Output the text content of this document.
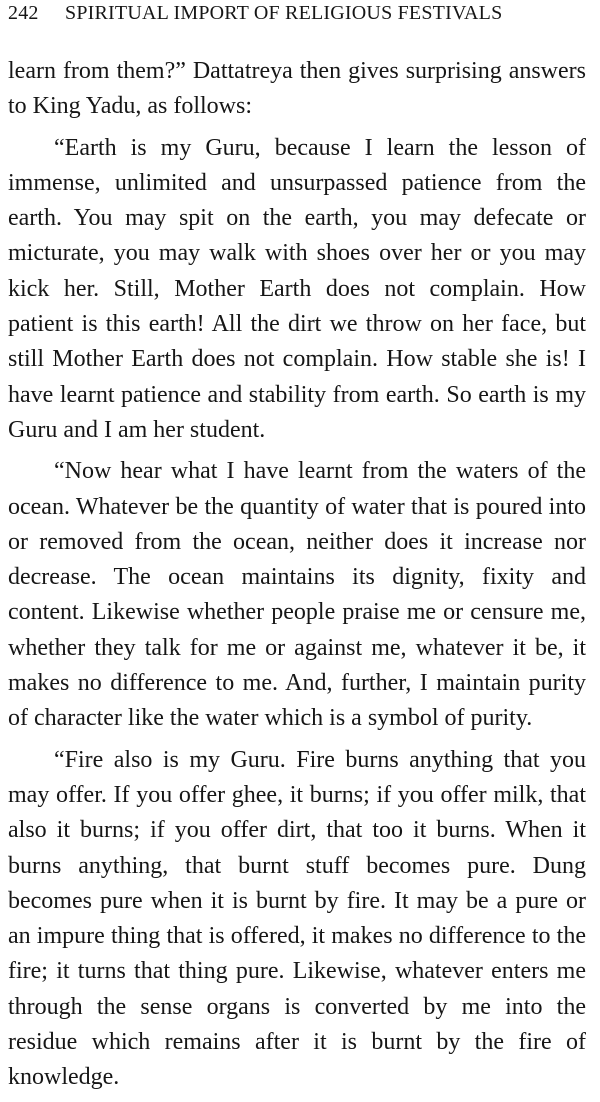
242 SPIRITUAL IMPORT OF RELIGIOUS FESTIVALS

learn from them?” Dattatreya then gives surprising answers to King Yadu, as follows:

“Earth is my Guru, because I learn the lesson of immense, unlimited and unsurpassed patience from the earth. You may spit on the earth, you may defecate or micturate, you may walk with shoes over her or you may kick her. Still, Mother Earth does not complain. How patient is this earth! All the dirt we throw on her face, but still Mother Earth does not complain. How stable she is! I have learnt patience and stability from earth. So earth is my Guru and I am her student.

“Now hear what I have learnt from the waters of the ocean. Whatever be the quantity of water that is poured into or removed from the ocean, neither does it increase nor decrease. The ocean maintains its dignity, fixity and content. Likewise whether people praise me or censure me, whether they talk for me or against me, whatever it be, it makes no difference to me. And, further, I maintain purity of character like the water which is a symbol of purity.

“Fire also is my Guru. Fire burns anything that you may offer. If you offer ghee, it burns; if you offer milk, that also it burns; if you offer dirt, that too it burns. When it burns anything, that burnt stuff becomes pure. Dung becomes pure when it is burnt by fire. It may be a pure or an impure thing that is offered, it makes no difference to the fire; it turns that thing pure. Likewise, whatever enters me through the sense organs is converted by me into the residue which remains after it is burnt by the fire of knowledge.
